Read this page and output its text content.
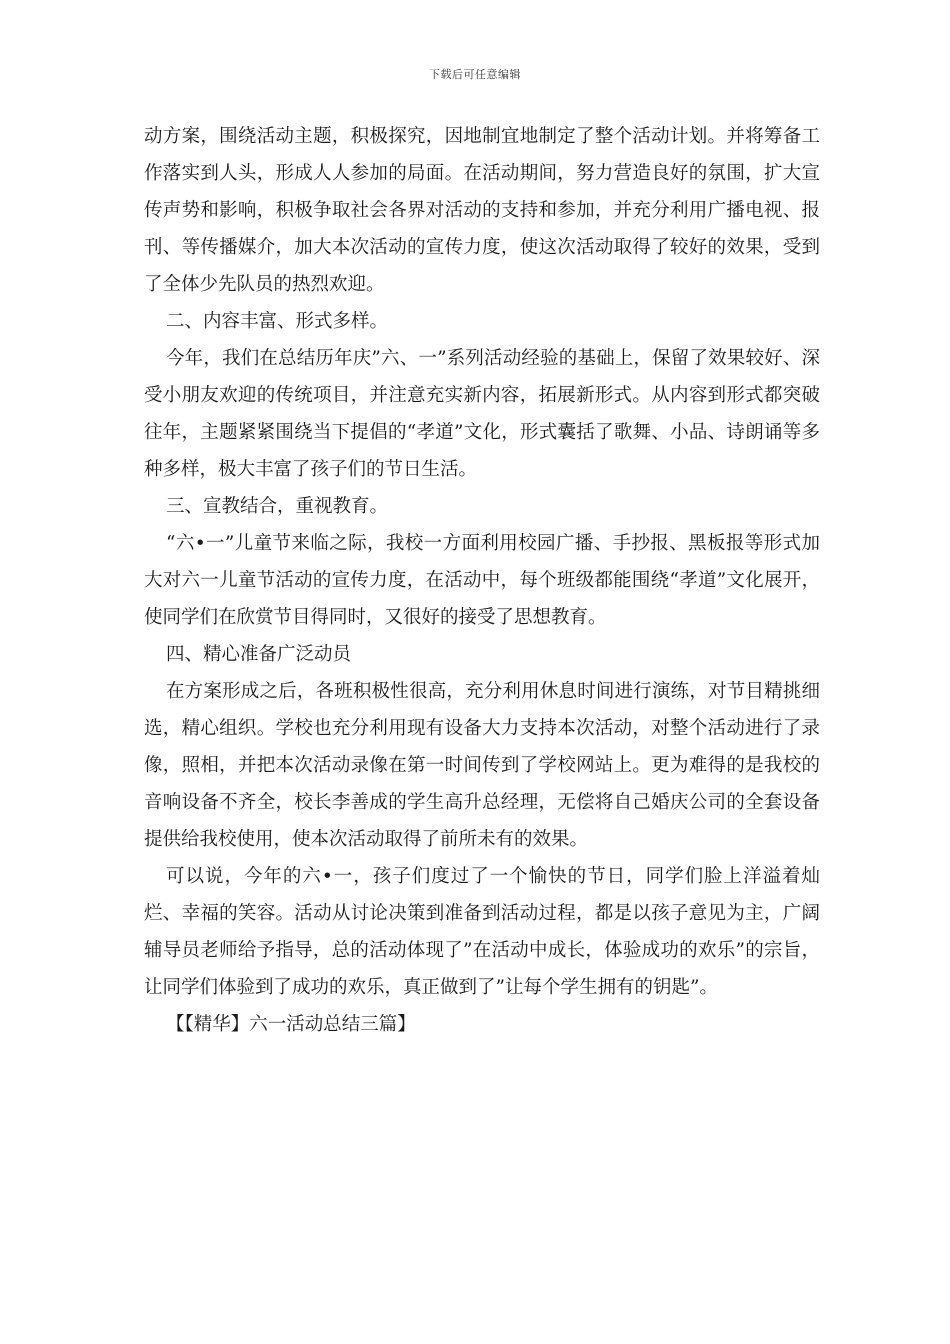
下载后可任意编辑

动方案，围绕活动主题，积极探究，因地制宜地制定了整个活动计划。并将筹备工作落实到人头，形成人人参加的局面。在活动期间，努力营造良好的氛围，扩大宣传声势和影响，积极争取社会各界对活动的支持和参加，并充分利用广播电视、报刊、等传播媒介，加大本次活动的宣传力度，使这次活动取得了较好的效果，受到了全体少先队员的热烈欢迎。

二、内容丰富、形式多样。

今年，我们在总结历年庆”六、一”系列活动经验的基础上，保留了效果较好、深受小朋友欢迎的传统项目，并注意充实新内容，拓展新形式。从内容到形式都突破往年，主题紧紧围绕当下提倡的“孝道”文化，形式囊括了歌舞、小品、诗朗诵等多种多样，极大丰富了孩子们的节日生活。

三、宣教结合，重视教育。

“六•一”儿童节来临之际，我校一方面利用校园广播、手抄报、黑板报等形式加大对六一儿童节活动的宣传力度，在活动中，每个班级都能围绕“孝道”文化展开，使同学们在欣赏节目得同时，又很好的接受了思想教育。

四、精心准备广泛动员

在方案形成之后，各班积极性很高，充分利用休息时间进行演练，对节目精挑细选，精心组织。学校也充分利用现有设备大力支持本次活动，对整个活动进行了录像，照相，并把本次活动录像在第一时间传到了学校网站上。更为难得的是我校的音响设备不齐全，校长李善成的学生高升总经理，无偿将自己婚庆公司的全套设备提供给我校使用，使本次活动取得了前所未有的效果。

可以说，今年的六•一，孩子们度过了一个愉快的节日，同学们脸上洋溢着灿烂、幸福的笑容。活动从讨论决策到准备到活动过程，都是以孩子意见为主，广阔辅导员老师给予指导，总的活动体现了”在活动中成长，体验成功的欢乐”的宗旨，让同学们体验到了成功的欢乐，真正做到了”让每个学生拥有的钥匙”。

【【精华】六一活动总结三篇】
